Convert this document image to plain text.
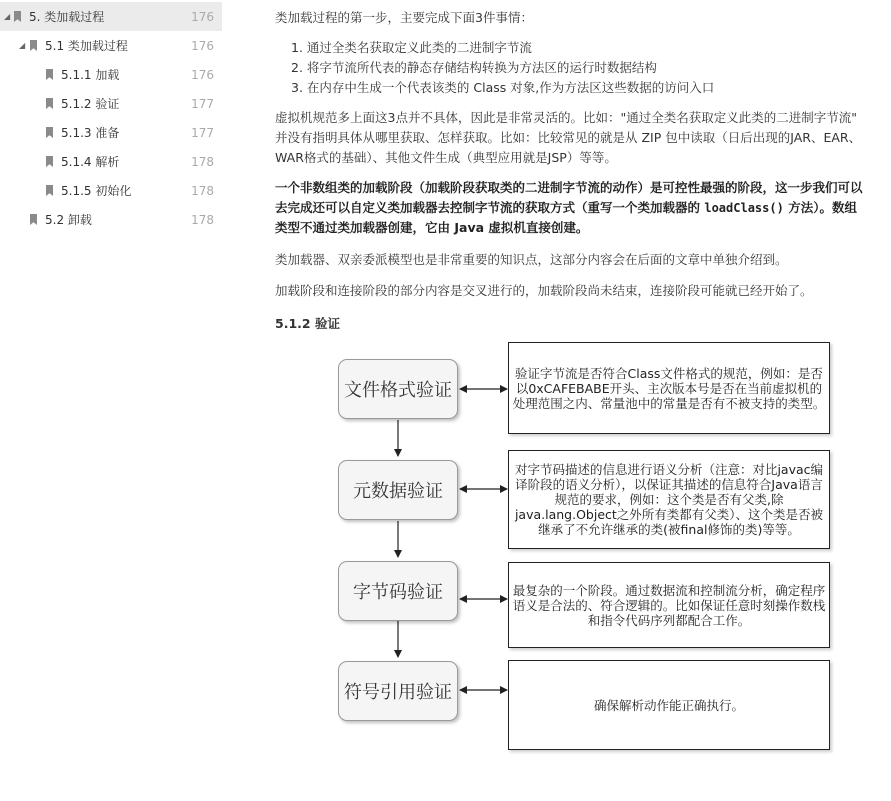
◢ 5. 类加载过程	176
◢ 5.1 类加载过程	176
5.1.1 加载	176
5.1.2 验证	177
5.1.3 准备	177
5.1.4 解析	178
5.1.5 初始化	178
5.2 卸载	178
类加载过程的第一步，主要完成下面3件事情：
1. 通过全类名获取定义此类的二进制字节流
2. 将字节流所代表的静态存储结构转换为方法区的运行时数据结构
3. 在内存中生成一个代表该类的 Class 对象,作为方法区这些数据的访问入口
虚拟机规范多上面这3点并不具体，因此是非常灵活的。比如："通过全类名获取定义此类的二进制字节流" 并没有指明具体从哪里获取、怎样获取。比如：比较常见的就是从 ZIP 包中读取（日后出现的JAR、EAR、WAR格式的基础）、其他文件生成（典型应用就是JSP）等等。
一个非数组类的加载阶段（加载阶段获取类的二进制字节流的动作）是可控性最强的阶段，这一步我们可以去完成还可以自定义类加载器去控制字节流的获取方式（重写一个类加载器的 loadClass() 方法）。数组类型不通过类加载器创建，它由 Java 虚拟机直接创建。
类加载器、双亲委派模型也是非常重要的知识点，这部分内容会在后面的文章中单独介绍到。
加载阶段和连接阶段的部分内容是交叉进行的，加载阶段尚未结束，连接阶段可能就已经开始了。
5.1.2 验证
文件格式验证
元数据验证
字节码验证
符号引用验证
验证字节流是否符合Class文件格式的规范，例如：是否以0xCAFEBABE开头、主次版本号是否在当前虚拟机的处理范围之内、常量池中的常量是否有不被支持的类型。
对字节码描述的信息进行语义分析（注意：对比javac编译阶段的语义分析），以保证其描述的信息符合Java语言规范的要求，例如：这个类是否有父类,除java.lang.Object之外所有类都有父类）、这个类是否被继承了不允许继承的类(被final修饰的类)等等。
最复杂的一个阶段。通过数据流和控制流分析，确定程序语义是合法的、符合逻辑的。比如保证任意时刻操作数栈和指令代码序列都配合工作。
确保解析动作能正确执行。
